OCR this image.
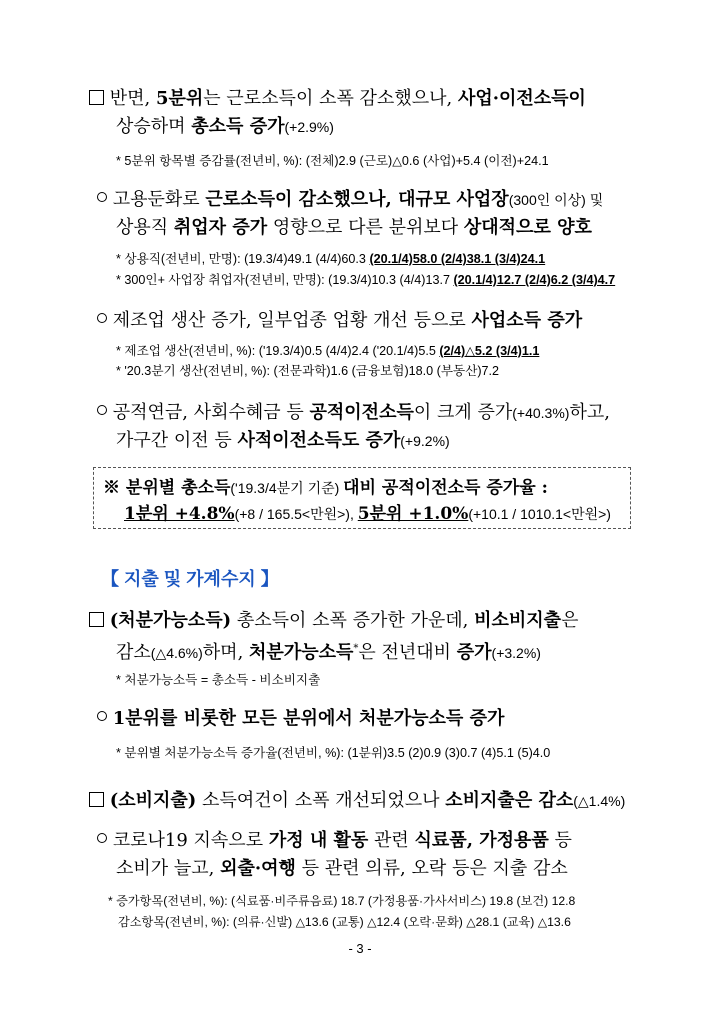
반면, 5분위는 근로소득이 소폭 감소했으나, 사업·이전소득이
상승하며 총소득 증가(+2.9%)
* 5분위 항목별 증감률(전년비, %): (전체)2.9 (근로)△0.6 (사업)+5.4 (이전)+24.1
고용둔화로 근로소득이 감소했으나, 대규모 사업장(300인 이상) 및
상용직 취업자 증가 영향으로 다른 분위보다 상대적으로 양호
* 상용직(전년비, 만명): (19.3/4)49.1 (4/4)60.3 (20.1/4)58.0 (2/4)38.1 (3/4)24.1
* 300인+ 사업장 취업자(전년비, 만명): (19.3/4)10.3 (4/4)13.7 (20.1/4)12.7 (2/4)6.2 (3/4)4.7
제조업 생산 증가, 일부업종 업황 개선 등으로 사업소득 증가
* 제조업 생산(전년비, %): ('19.3/4)0.5 (4/4)2.4 ('20.1/4)5.5 (2/4)△5.2 (3/4)1.1
* '20.3분기 생산(전년비, %): (전문과학)1.6 (금융보험)18.0 (부동산)7.2
공적연금, 사회수혜금 등 공적이전소득이 크게 증가(+40.3%)하고,
가구간 이전 등 사적이전소득도 증가(+9.2%)
※ 분위별 총소득('19.3/4분기 기준) 대비 공적이전소득 증가율 :
1분위 +4.8%(+8 / 165.5<만원>), 5분위 +1.0%(+10.1 / 1010.1<만원>)
【 지출 및 가계수지 】
(처분가능소득) 총소득이 소폭 증가한 가운데, 비소비지출은
감소(△4.6%)하며, 처분가능소득*은 전년대비 증가(+3.2%)
* 처분가능소득 = 총소득 - 비소비지출
1분위를 비롯한 모든 분위에서 처분가능소득 증가
* 분위별 처분가능소득 증가율(전년비, %): (1분위)3.5 (2)0.9 (3)0.7 (4)5.1 (5)4.0
(소비지출) 소득여건이 소폭 개선되었으나 소비지출은 감소(△1.4%)
코로나19 지속으로 가정 내 활동 관련 식료품, 가정용품 등
소비가 늘고, 외출·여행 등 관련 의류, 오락 등은 지출 감소
* 증가항목(전년비, %): (식료품·비주류음료) 18.7 (가정용품·가사서비스) 19.8 (보건) 12.8
감소항목(전년비, %): (의류·신발) △13.6 (교통) △12.4 (오락·문화) △28.1 (교육) △13.6
- 3 -
